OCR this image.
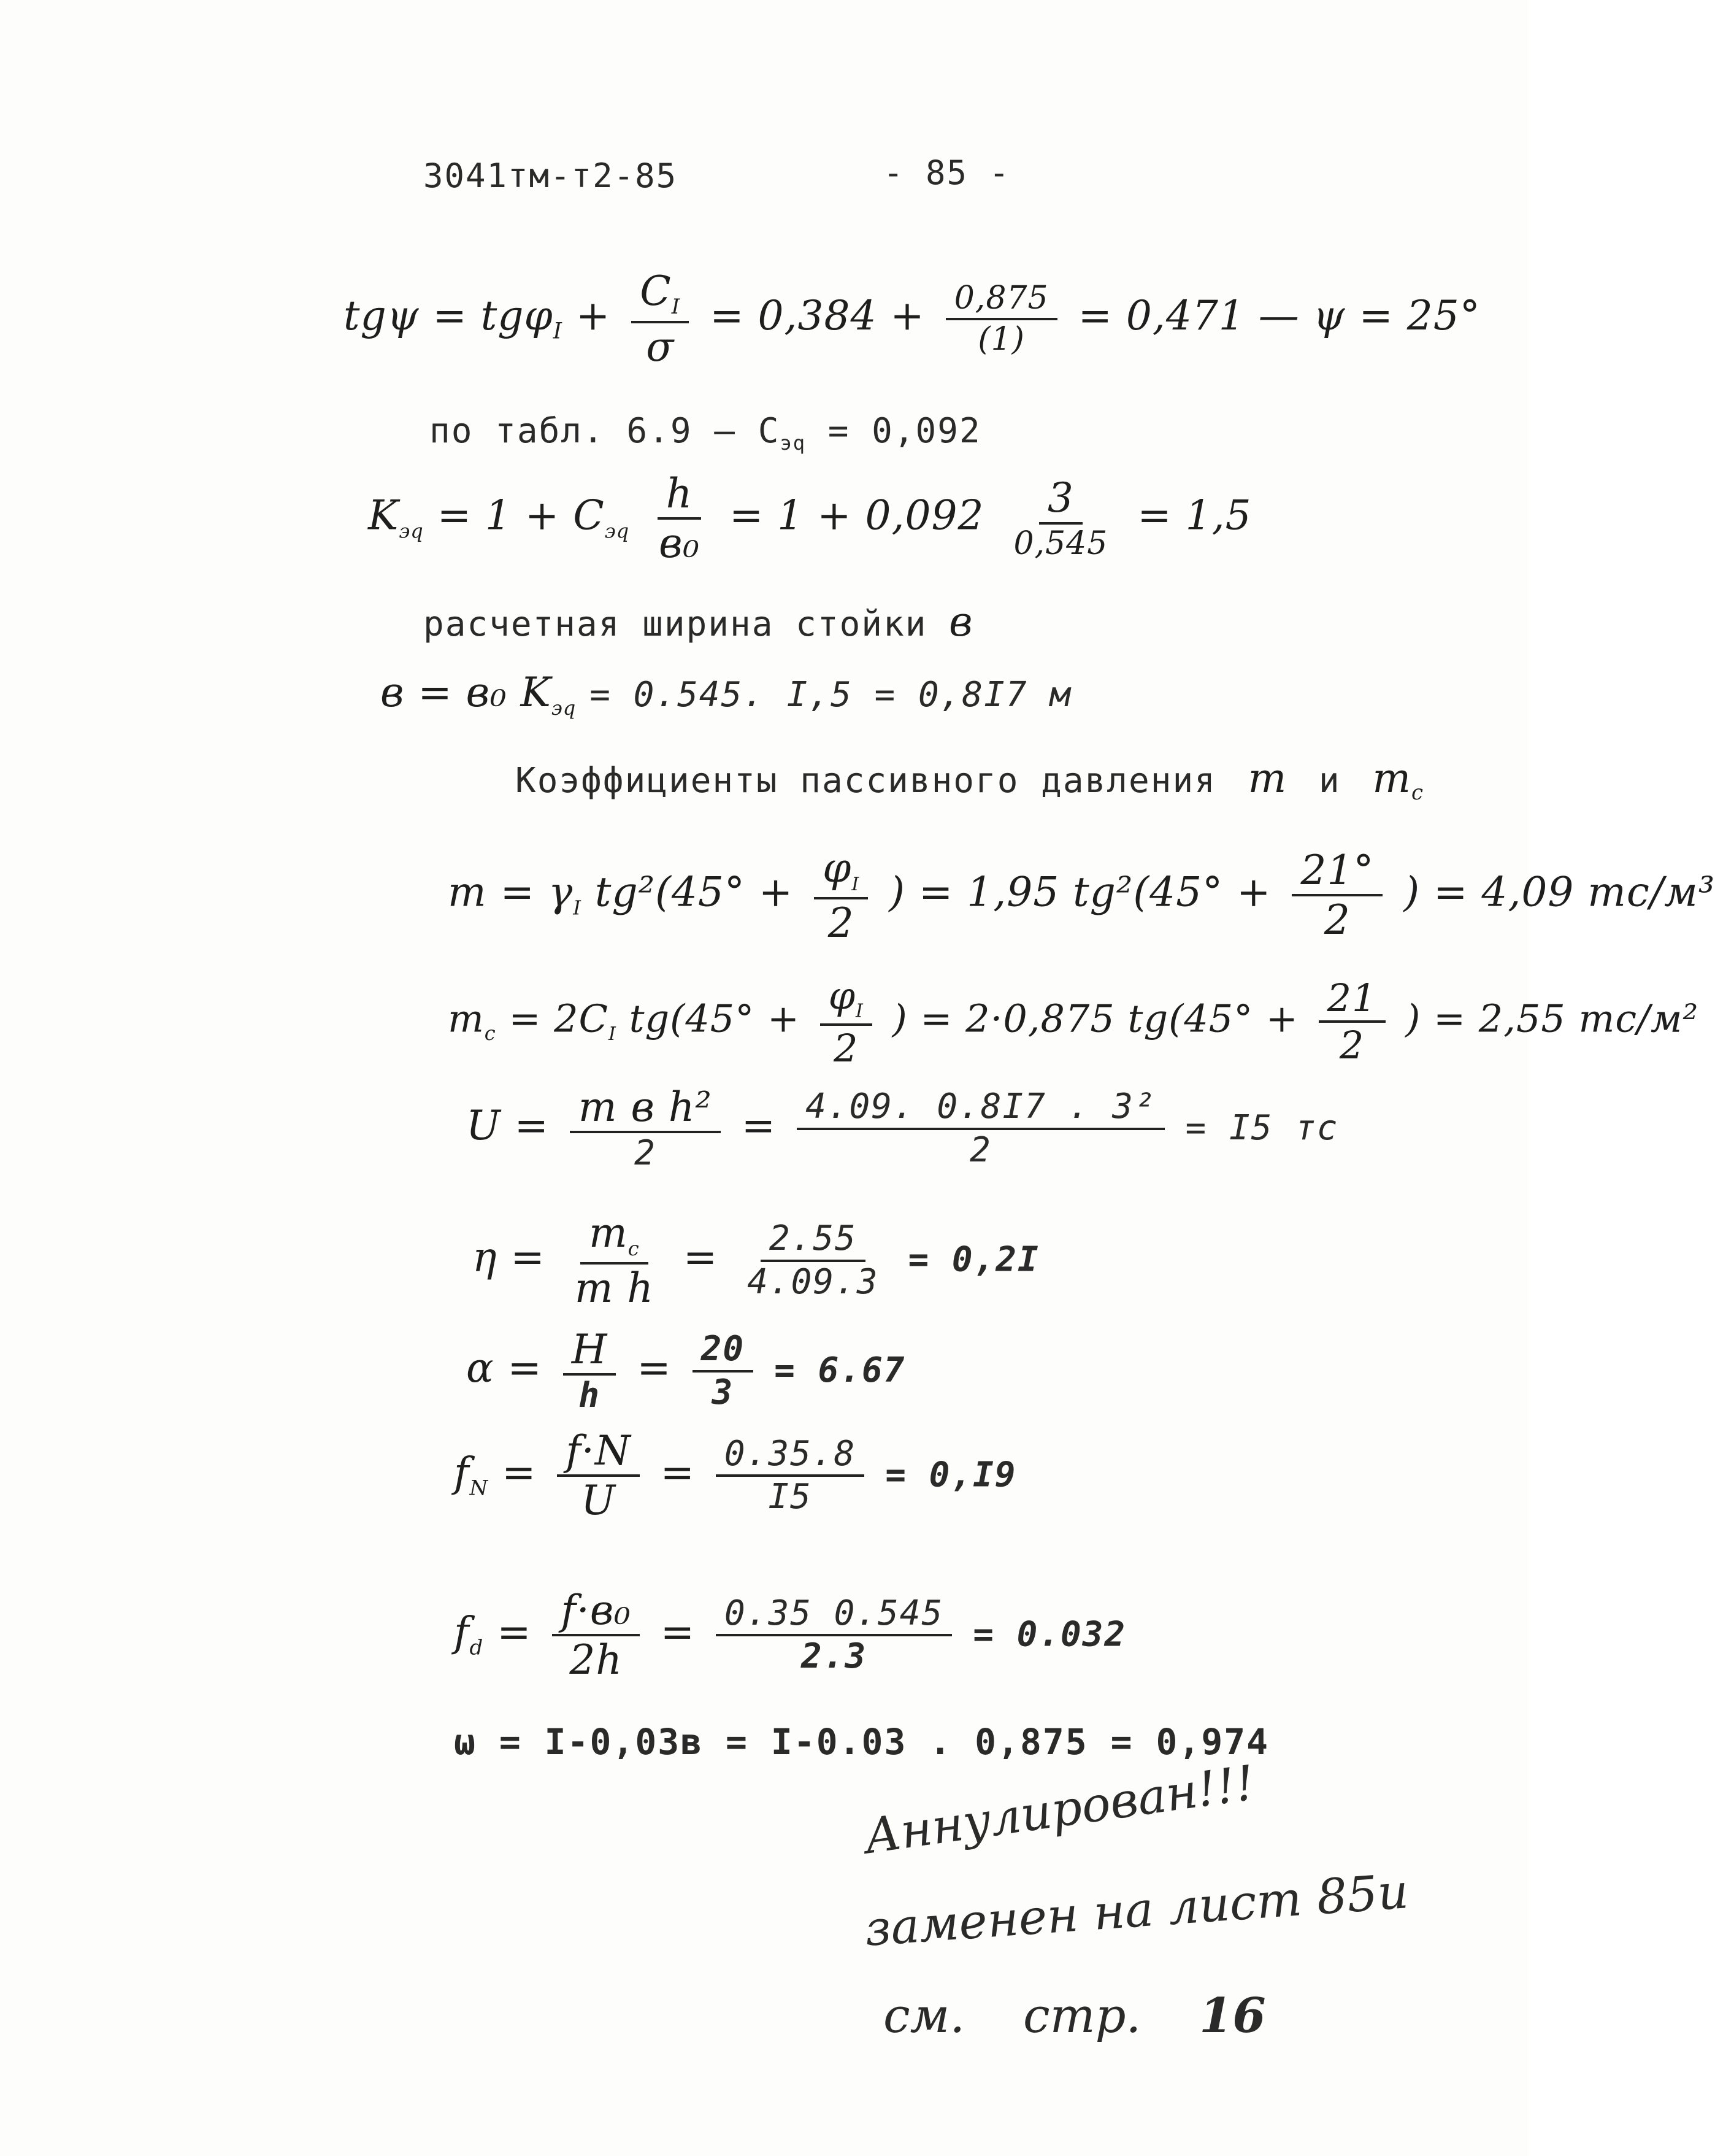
3041тм-т2-85	- 85 -
$tg\psi = tg\varphi_I + \frac{C_I}{\sigma} = 0,384 + \frac{0,875}{(1)} = 0,471$ — ψ = 25°
по табл. $6.9 - C_{эq} = 0,092$
$K_{эq} = 1 + C_{эq} \frac{h}{\text{в₀}} = 1 + 0,092 \frac{3}{0,545} = 1,5$
расчетная ширина стойки в
в = в₀ $K_{эq} = 0.545$. I,5 = 0,8I7 м
Коэффициенты пассивного давления m и $m_c$
$m = \gamma_I$ $tg^2(45^\circ + \frac{\varphi_I}{2}$ ) = 1,95 $tg^2(45^\circ + \frac{21^\circ}{2}$ ) = 4,09 тс/м³
$m_c = 2C_I$ $tg(45^\circ + \frac{\varphi_I}{2}$ ) = 2·0,875 $tg(45^\circ + \frac{21}{2}$ ) = 2,55 тс/м²
$U = \frac{\text{m в h²}}{2} = \frac{\text{4.09. 0.8I7 . 3²}}{2} = I5$ тс
$\eta = \frac{m_c}{\text{m h}} = \frac{2.55}{4.09.3} = 0,2I$
$\alpha = \frac{H}{h} = \frac{20}{3} = 6.67$
$f_N = \frac{f\cdot N}{U} = \frac{0.35.8}{I5} = 0,I9$
$f_d = \frac{\text{f·в₀}}{2h} = \frac{0.35 0.545}{2.3} = 0.032$
ω = I-0,03в = I-0.03 . 0,875 = 0,974
Аннулирован!!!
заменен на лист 85и
см. стр. 16
